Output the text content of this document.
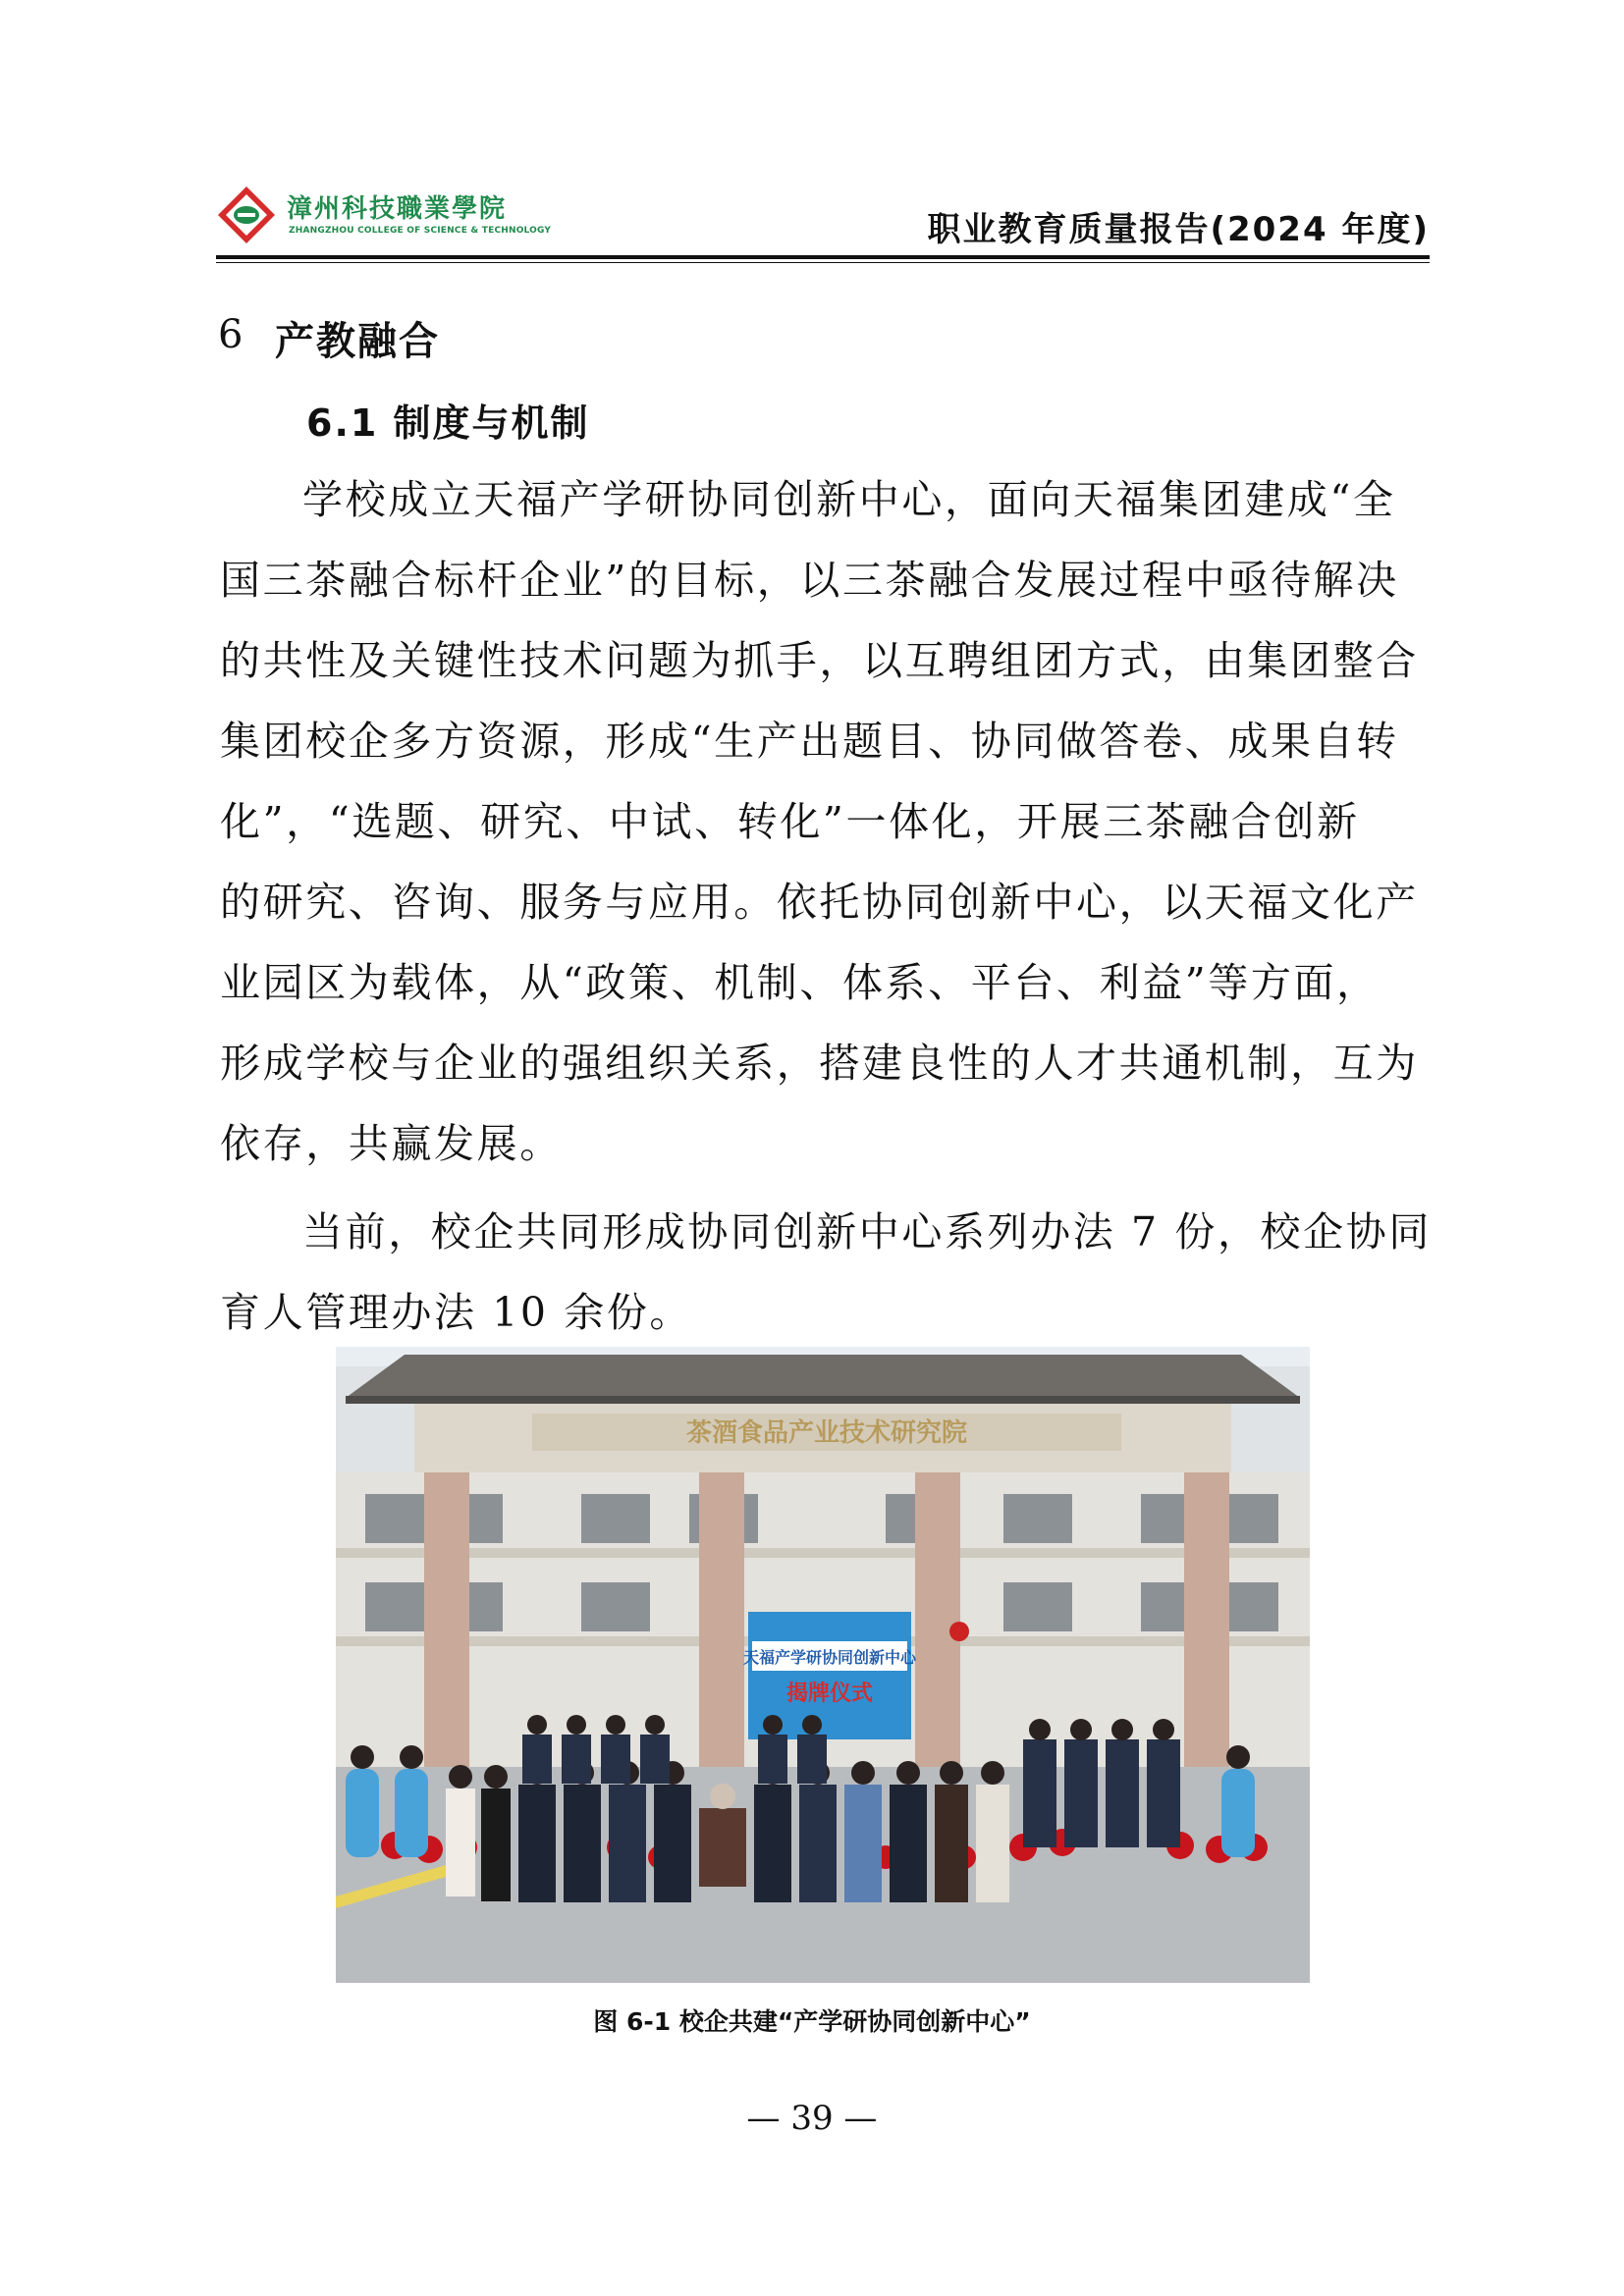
漳州科技職業學院
ZHANGZHOU COLLEGE OF SCIENCE & TECHNOLOGY	职业教育质量报告(2024 年度)
6 产教融合
6.1 制度与机制
学校成立天福产学研协同创新中心，面向天福集团建成“全
国三茶融合标杆企业”的目标，以三茶融合发展过程中亟待解决
的共性及关键性技术问题为抓手，以互聘组团方式，由集团整合
集团校企多方资源，形成“生产出题目、协同做答卷、成果自转
化”，“选题、研究、中试、转化”一体化，开展三茶融合创新
的研究、咨询、服务与应用。依托协同创新中心，以天福文化产
业园区为载体，从“政策、机制、体系、平台、利益”等方面，
形成学校与企业的强组织关系，搭建良性的人才共通机制，互为
依存，共赢发展。
当前，校企共同形成协同创新中心系列办法 7 份，校企协同
育人管理办法 10 余份。
茶酒食品产业技术研究院
天福产学研协同创新中心
揭牌仪式
图 6-1 校企共建“产学研协同创新中心”
— 39 —
